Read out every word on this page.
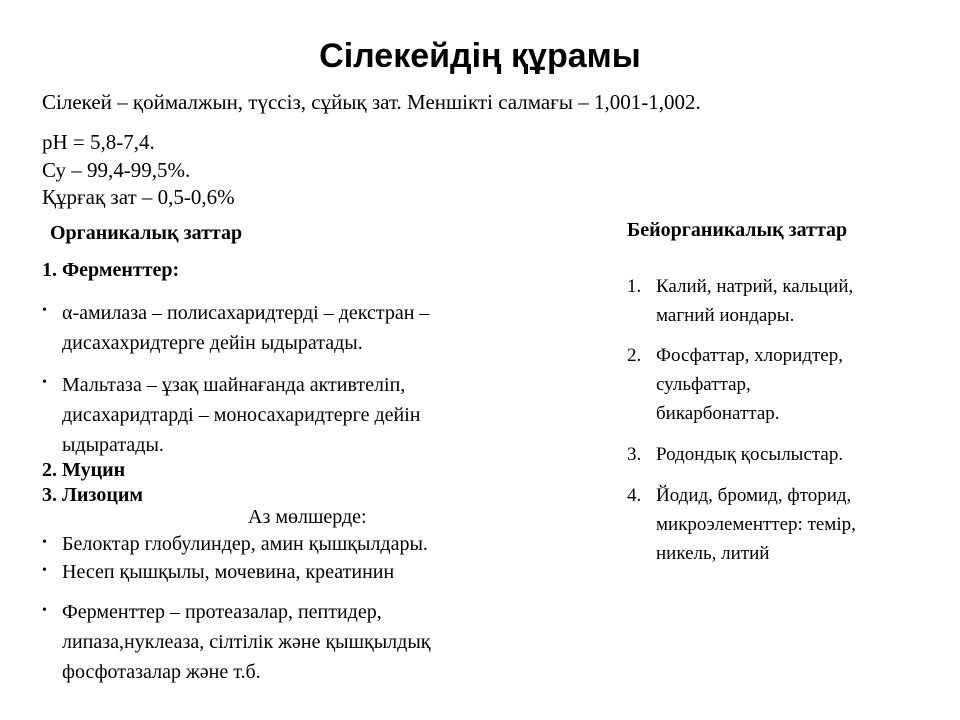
Сілекейдің құрамы
Сілекей – қоймалжын, түссіз, сұйық зат. Меншікті салмағы – 1,001-1,002.
pH = 5,8-7,4.
Су – 99,4-99,5%.
Құрғақ зат – 0,5-0,6%
Органикалық заттар
1. Ферменттер:
• α-амилаза – полисахаридтерді – декстран –
дисахахридтерге дейін ыдыратады.
• Мальтаза – ұзақ шайнағанда активтеліп,
дисахаридтарді – моносахаридтерге дейін
ыдыратады.
2. Муцин
3. Лизоцим
Аз мөлшерде:
• Белоктар глобулиндер, амин қышқылдары.
• Несеп қышқылы, мочевина, креатинин
• Ферменттер – протеазалар, пептидер,
липаза,нуклеаза, сілтілік және қышқылдық
фосфотазалар және т.б.
Бейорганикалық заттар
1. Калий, натрий, кальций,
магний иондары.
2. Фосфаттар, хлоридтер,
сульфаттар,
бикарбонаттар.
3. Родондық қосылыстар.
4. Йодид, бромид, фторид,
микроэлементтер: темір,
никель, литий
